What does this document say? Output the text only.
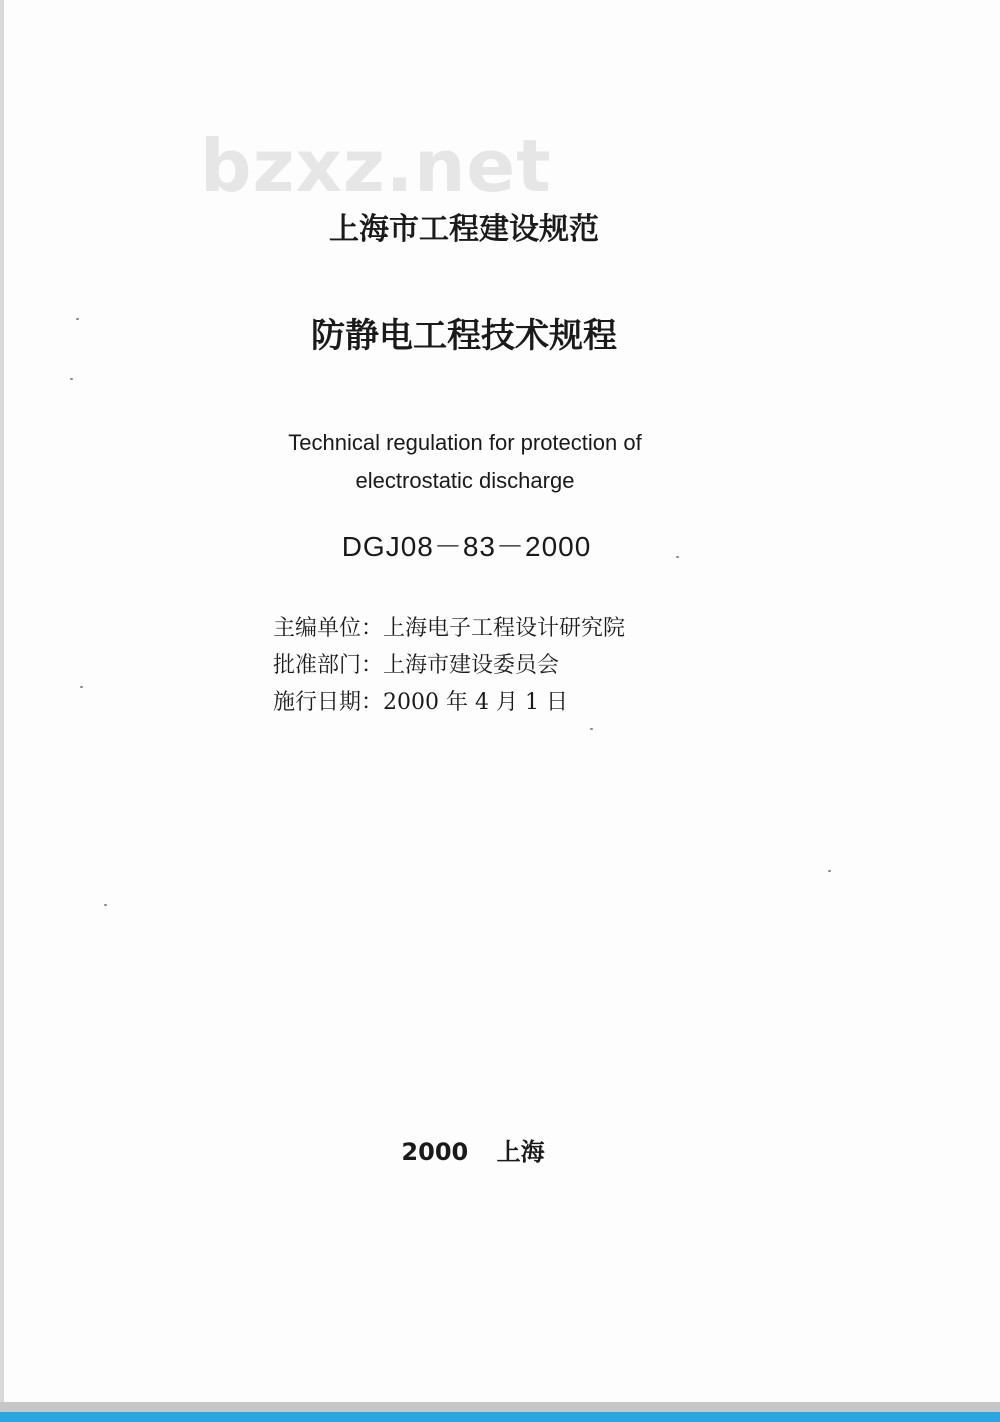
bzxz.net
上海市工程建设规范
防静电工程技术规程
Technical regulation for protection of
electrostatic discharge
DGJ08－83－2000
主编单位：上海电子工程设计研究院
批准部门：上海市建设委员会
施行日期：2000 年 4 月 1 日
2000 上海
